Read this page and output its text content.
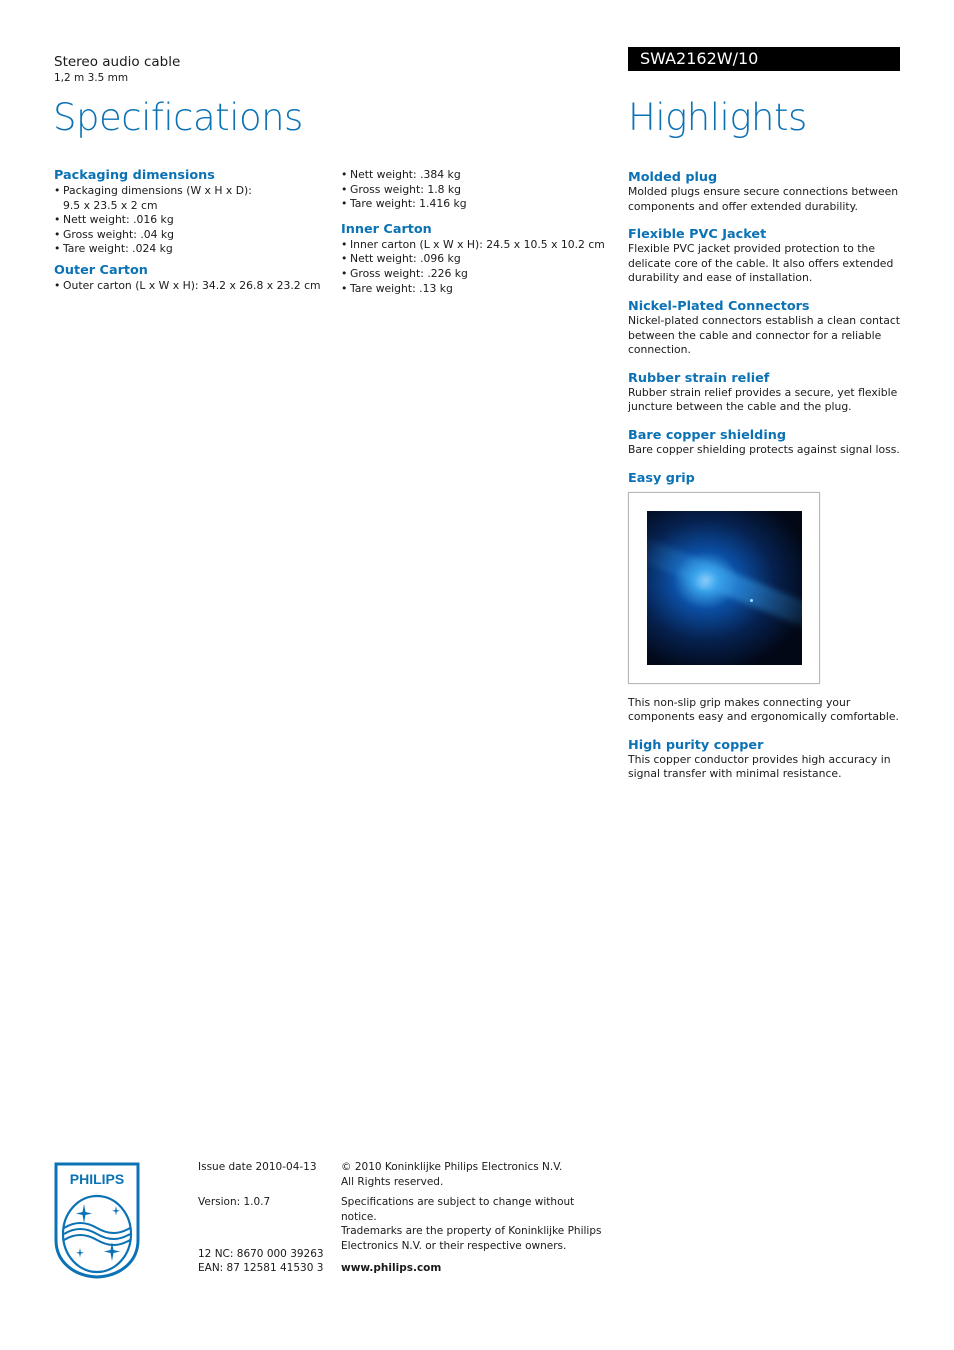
Stereo audio cable
1,2 m 3.5 mm
Specifications
SWA2162W/10
Highlights
Packaging dimensions
• Packaging dimensions (W x H x D):
9.5 x 23.5 x 2 cm
• Nett weight: .016 kg
• Gross weight: .04 kg
• Tare weight: .024 kg
Outer Carton
• Outer carton (L x W x H): 34.2 x 26.8 x 23.2 cm
• Nett weight: .384 kg
• Gross weight: 1.8 kg
• Tare weight: 1.416 kg
Inner Carton
• Inner carton (L x W x H): 24.5 x 10.5 x 10.2 cm
• Nett weight: .096 kg
• Gross weight: .226 kg
• Tare weight: .13 kg
Molded plug

Molded plugs ensure secure connections between components and offer extended durability.

Flexible PVC Jacket

Flexible PVC jacket provided protection to the delicate core of the cable. It also offers extended durability and ease of installation.

Nickel-Plated Connectors

Nickel-plated connectors establish a clean contact between the cable and connector for a reliable connection.

Rubber strain relief

Rubber strain relief provides a secure, yet flexible juncture between the cable and the plug.

Bare copper shielding

Bare copper shielding protects against signal loss.

Easy grip

This non-slip grip makes connecting your components easy and ergonomically comfortable.

High purity copper

This copper conductor provides high accuracy in signal transfer with minimal resistance.

PHILIPS
Issue date 2010-04-13
Version: 1.0.7
12 NC: 8670 000 39263
EAN: 87 12581 41530 3
© 2010 Koninklijke Philips Electronics N.V.
All Rights reserved.
Specifications are subject to change without notice.
Trademarks are the property of Koninklijke Philips
Electronics N.V. or their respective owners.
www.philips.com
